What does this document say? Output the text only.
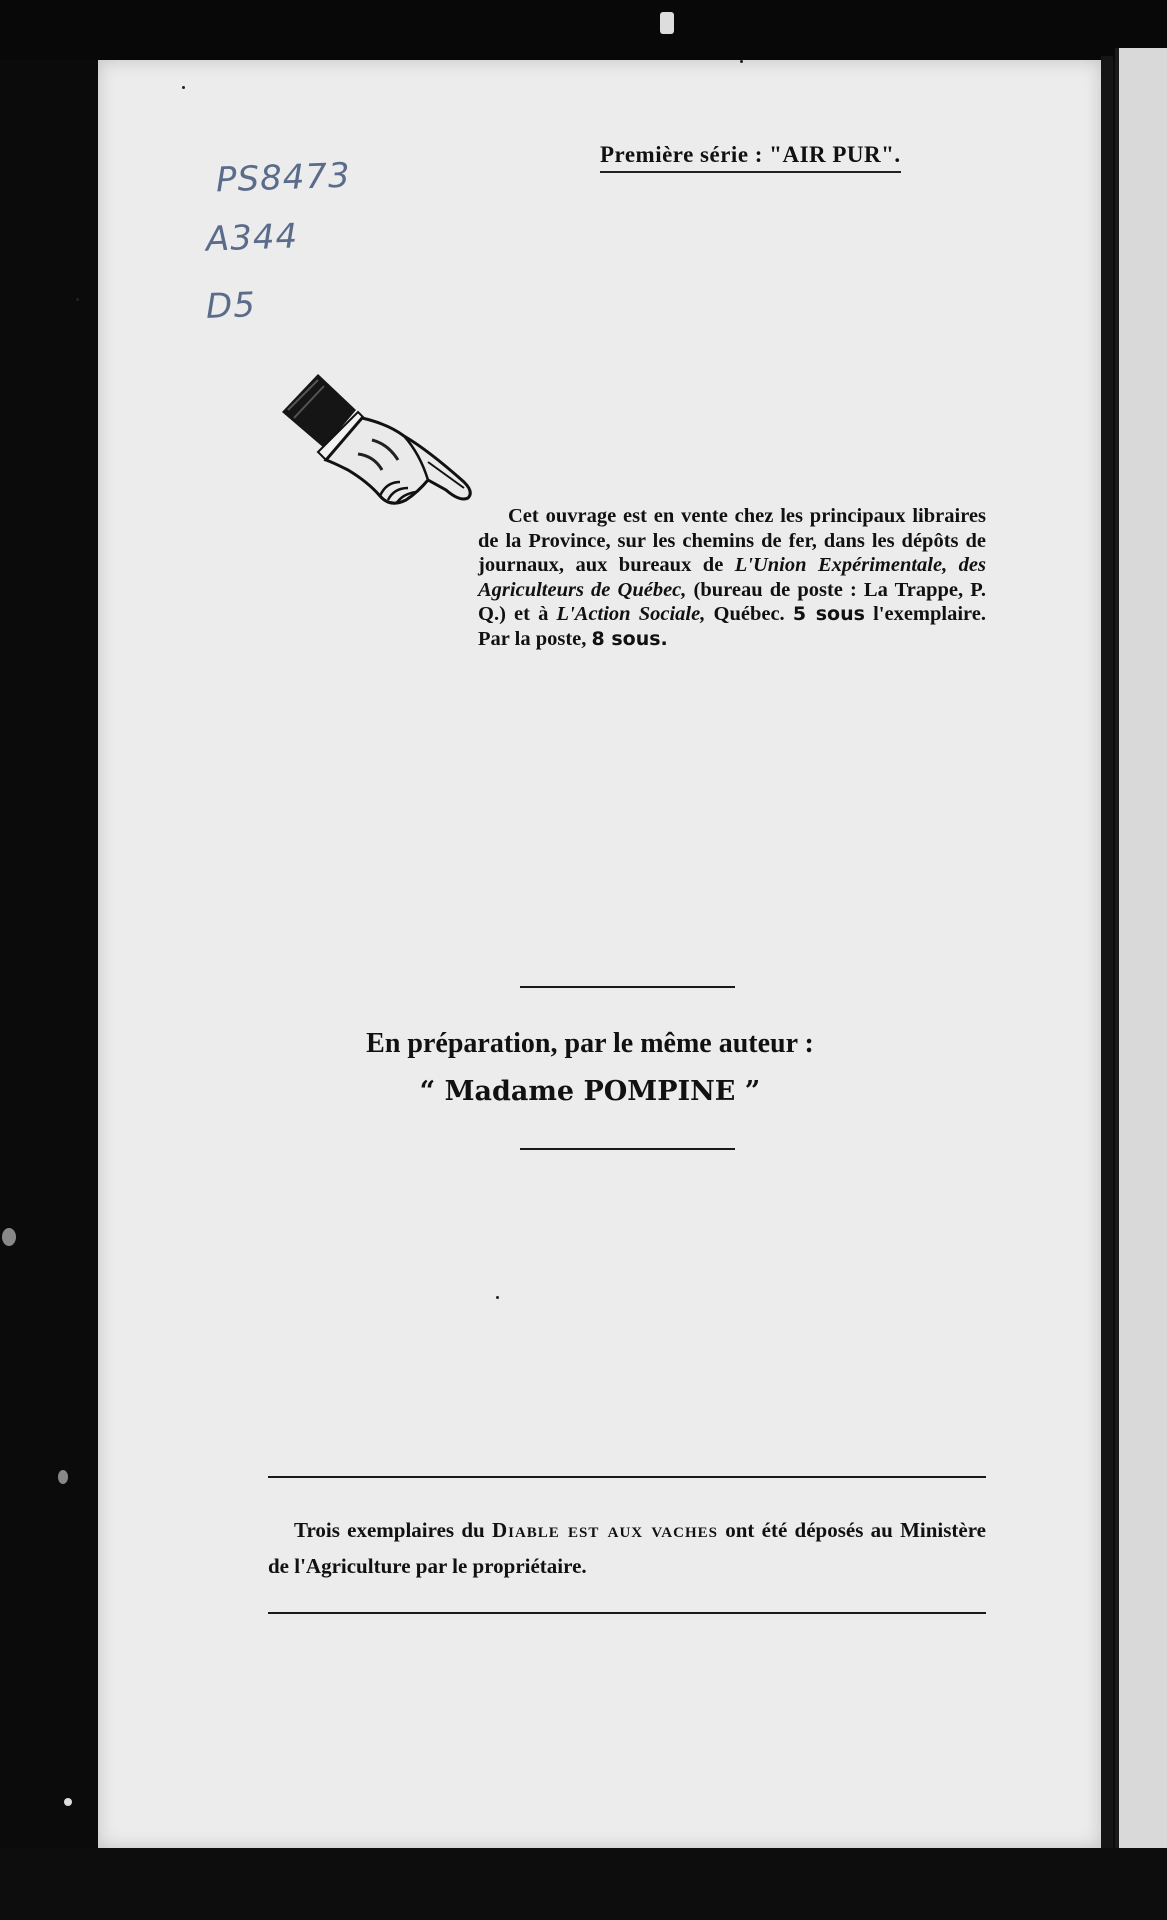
PS8473
A344
D5
Première série : "AIR PUR".
Cet ouvrage est en vente chez les principaux libraires de la Province, sur les chemins de fer, dans les dépôts de journaux, aux bureaux de L'Union Expérimentale, des Agriculteurs de Québec, (bureau de poste : La Trappe, P. Q.) et à L'Action Sociale, Québec. 5 sous l'exemplaire. Par la poste, 8 sous.
En préparation, par le même auteur :
“ Madame POMPINE ”
Trois exemplaires du Diable est aux vaches ont été déposés au Ministère de l'Agriculture par le propriétaire.
